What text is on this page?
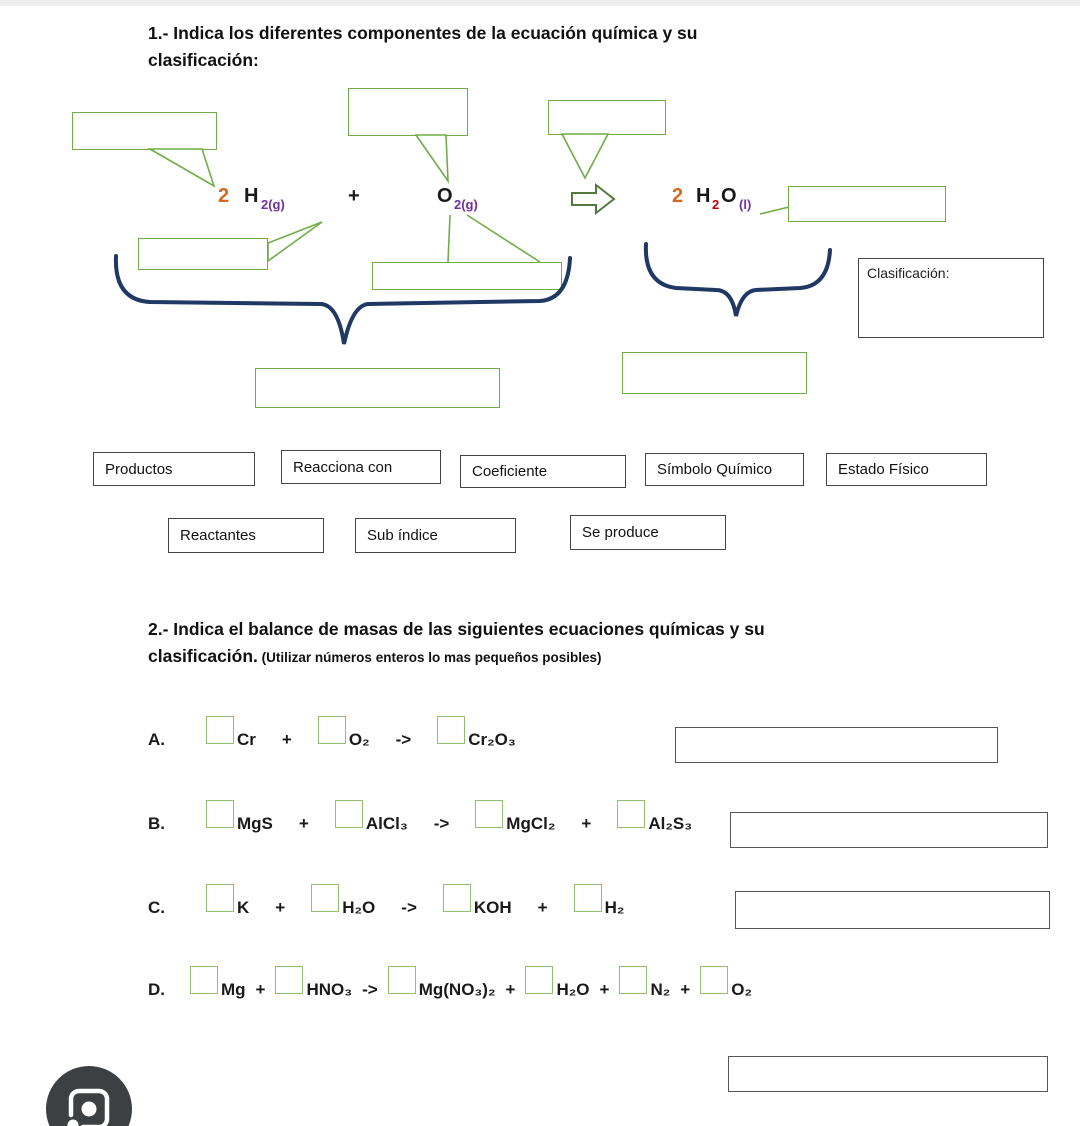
1.- Indica los diferentes componentes de la ecuación química y su
clasificación:
Clasificación:
2 H 2(g)	+	O 2(g)	2 H 2 O (l)
Productos	Reacciona con	Coeficiente	Símbolo Químico	Estado Físico
Reactantes	Sub índice	Se produce
2.- Indica el balance de masas de las siguientes ecuaciones químicas y su
clasificación. (Utilizar números enteros lo mas pequeños posibles)
A.	Cr +	O₂ ->	Cr₂O₃
B.	MgS +	AlCl₃ ->	MgCl₂ +	Al₂S₃
C.	K +	H₂O ->	KOH +	H₂
D.	Mg + HNO₃ -> Mg(NO₃)₂ + H₂O + N₂ + O₂
